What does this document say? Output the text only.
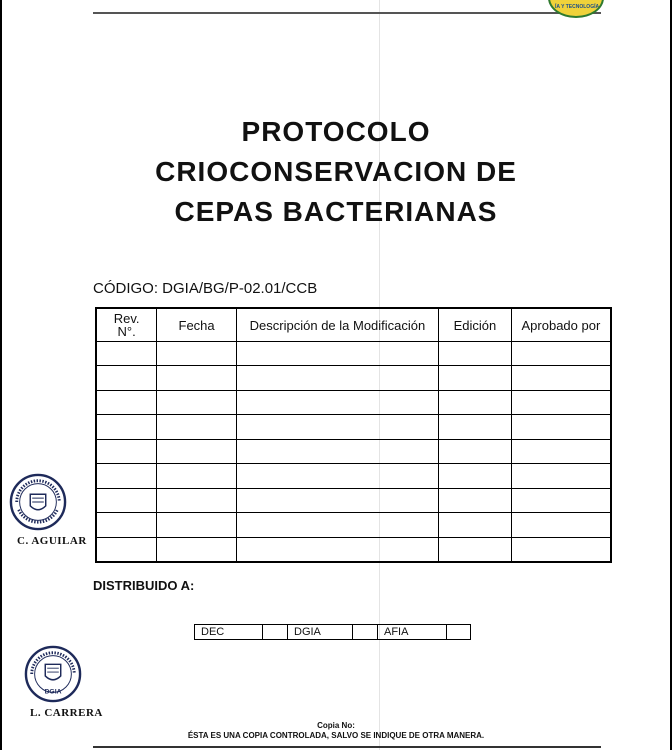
ÍA Y TECNOLOGÍA
PROTOCOLO
CRIOCONSERVACION DE
CEPAS BACTERIANAS
CÓDIGO: DGIA/BG/P-02.01/CCB
Rev.
N°.	Fecha	Descripción de la Modificación	Edición	Aprobado por

DISTRIBUIDO A:
DEC	DGIA	AFIA
C. AGUILAR
DGIA
L. CARRERA
Copia No:
ÉSTA ES UNA COPIA CONTROLADA, SALVO SE INDIQUE DE OTRA MANERA.
